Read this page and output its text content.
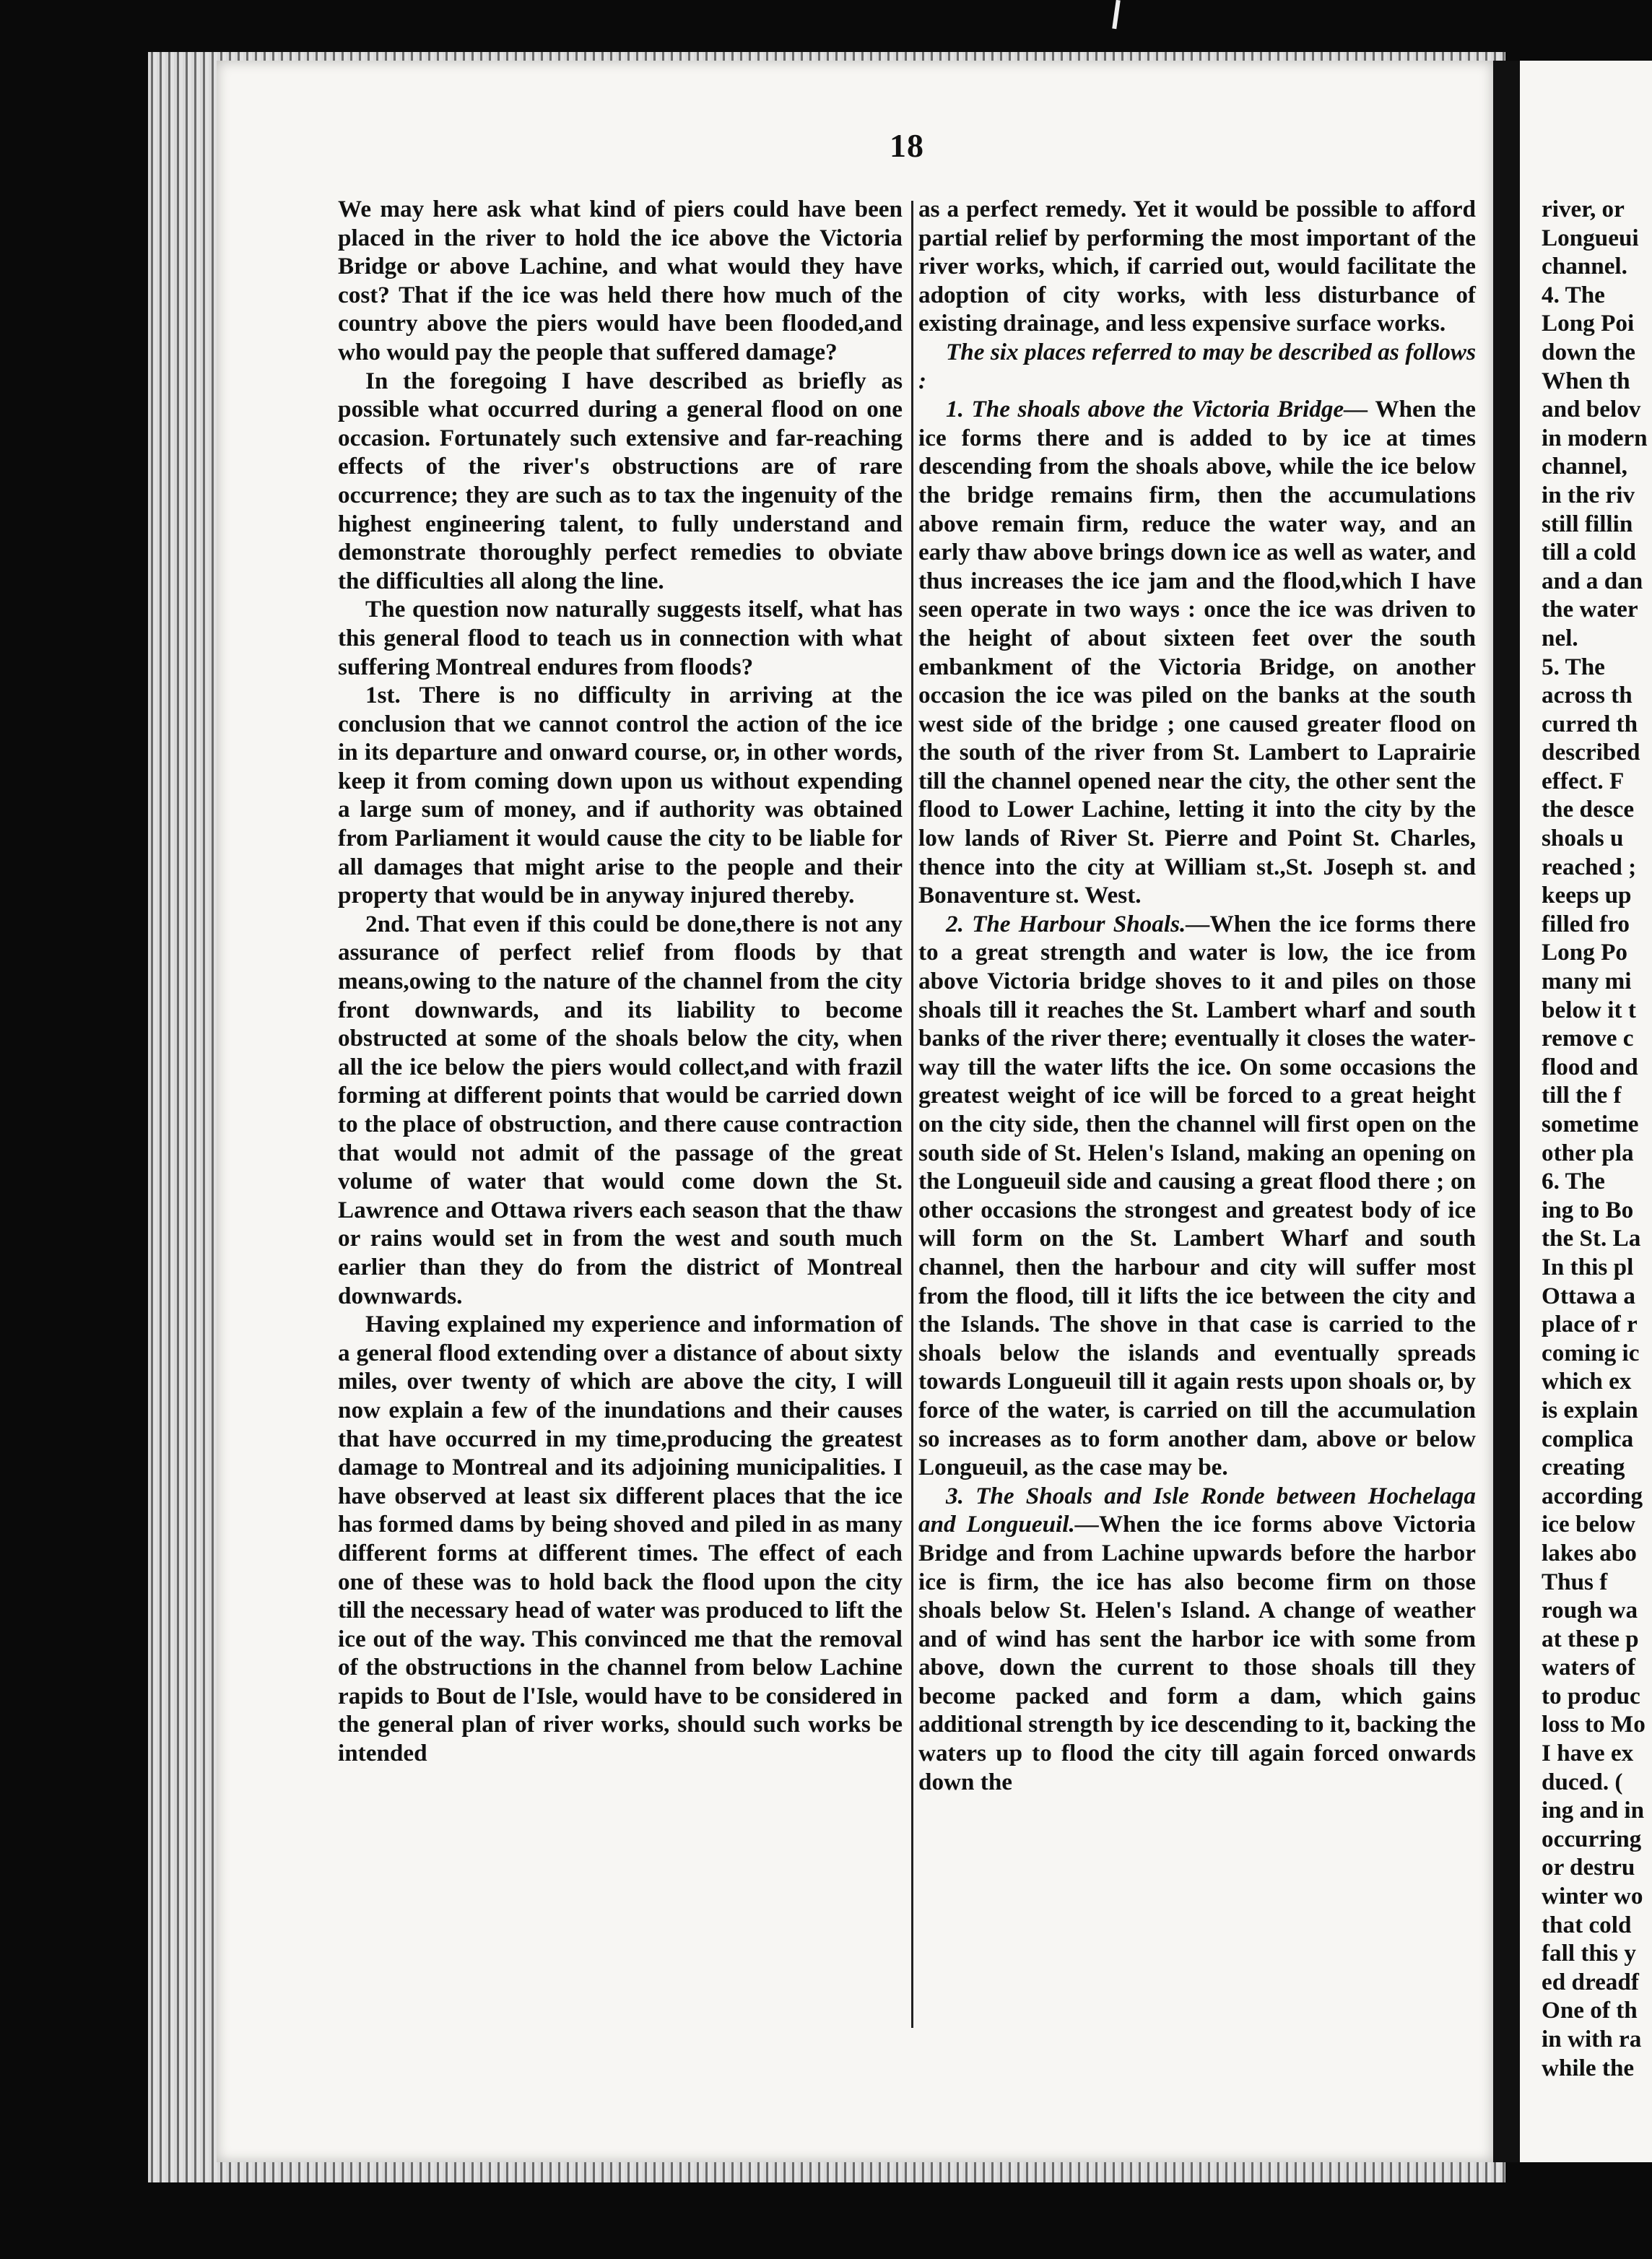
18

We may here ask what kind of piers could have been placed in the river to hold the ice above the Victoria Bridge or above Lachine, and what would they have cost? That if the ice was held there how much of the country above the piers would have been flooded,and who would pay the people that suffered damage?

In the foregoing I have described as briefly as possible what occurred during a general flood on one occasion. Fortunately such extensive and far-reaching effects of the river's obstructions are of rare occurrence; they are such as to tax the ingenuity of the highest engineering talent, to fully understand and demonstrate thoroughly perfect remedies to obviate the difficulties all along the line.

The question now naturally suggests itself, what has this general flood to teach us in connection with what suffering Montreal endures from floods?

1st. There is no difficulty in arriving at the conclusion that we cannot control the action of the ice in its departure and onward course, or, in other words, keep it from coming down upon us without expending a large sum of money, and if authority was obtained from Parliament it would cause the city to be liable for all damages that might arise to the people and their property that would be in anyway injured thereby.

2nd. That even if this could be done,there is not any assurance of perfect relief from floods by that means,owing to the nature of the channel from the city front downwards, and its liability to become obstructed at some of the shoals below the city, when all the ice below the piers would collect,and with frazil forming at different points that would be carried down to the place of obstruction, and there cause contraction that would not admit of the passage of the great volume of water that would come down the St. Lawrence and Ottawa rivers each season that the thaw or rains would set in from the west and south much earlier than they do from the district of Montreal downwards.

Having explained my experience and information of a general flood extending over a distance of about sixty miles, over twenty of which are above the city, I will now explain a few of the inundations and their causes that have occurred in my time,producing the greatest damage to Montreal and its adjoining municipalities. I have observed at least six different places that the ice has formed dams by being shoved and piled in as many different forms at different times. The effect of each one of these was to hold back the flood upon the city till the necessary head of water was produced to lift the ice out of the way. This convinced me that the removal of the obstructions in the channel from below Lachine rapids to Bout de l'Isle, would have to be considered in the general plan of river works, should such works be intended

as a perfect remedy. Yet it would be possible to afford partial relief by performing the most important of the river works, which, if carried out, would facilitate the adoption of city works, with less disturbance of existing drainage, and less expensive surface works.

The six places referred to may be described as follows :

1. The shoals above the Victoria Bridge— When the ice forms there and is added to by ice at times descending from the shoals above, while the ice below the bridge remains firm, then the accumulations above remain firm, reduce the water way, and an early thaw above brings down ice as well as water, and thus increases the ice jam and the flood,which I have seen operate in two ways : once the ice was driven to the height of about sixteen feet over the south embankment of the Victoria Bridge, on another occasion the ice was piled on the banks at the south west side of the bridge ; one caused greater flood on the south of the river from St. Lambert to Laprairie till the channel opened near the city, the other sent the flood to Lower Lachine, letting it into the city by the low lands of River St. Pierre and Point St. Charles, thence into the city at William st.,St. Joseph st. and Bonaventure st. West.

2. The Harbour Shoals.—When the ice forms there to a great strength and water is low, the ice from above Victoria bridge shoves to it and piles on those shoals till it reaches the St. Lambert wharf and south banks of the river there; eventually it closes the water-way till the water lifts the ice. On some occasions the greatest weight of ice will be forced to a great height on the city side, then the channel will first open on the south side of St. Helen's Island, making an opening on the Longueuil side and causing a great flood there ; on other occasions the strongest and greatest body of ice will form on the St. Lambert Wharf and south channel, then the harbour and city will suffer most from the flood, till it lifts the ice between the city and the Islands. The shove in that case is carried to the shoals below the islands and eventually spreads towards Longueuil till it again rests upon shoals or, by force of the water, is carried on till the accumulation so increases as to form another dam, above or below Longueuil, as the case may be.

3. The Shoals and Isle Ronde between Hochelaga and Longueuil.—When the ice forms above Victoria Bridge and from Lachine upwards before the harbor ice is firm, the ice has also become firm on those shoals below St. Helen's Island. A change of weather and of wind has sent the harbor ice with some from above, down the current to those shoals till they become packed and form a dam, which gains additional strength by ice descending to it, backing the waters up to flood the city till again forced onwards down the

river, or
Longueui
channel.
4. The
Long Poi
down the
When th
and belov
in modern
channel,
in the riv
still fillin
till a cold
and a dan
the water
nel.
5. The
across th
curred th
described
effect. F
the desce
shoals u
reached ;
keeps up
filled fro
Long Po
many mi
below it t
remove c
flood and
till the f
sometime
other pla
6. The
ing to Bo
the St. La
In this pl
Ottawa a
place of r
coming ic
which ex
is explain
complica
creating
according
ice below
lakes abo
Thus f
rough wa
at these p
waters of
to produc
loss to Mo
I have ex
duced. (
ing and in
occurring
or destru
winter wo
that cold
fall this y
ed dreadf
One of th
in with ra
while the
